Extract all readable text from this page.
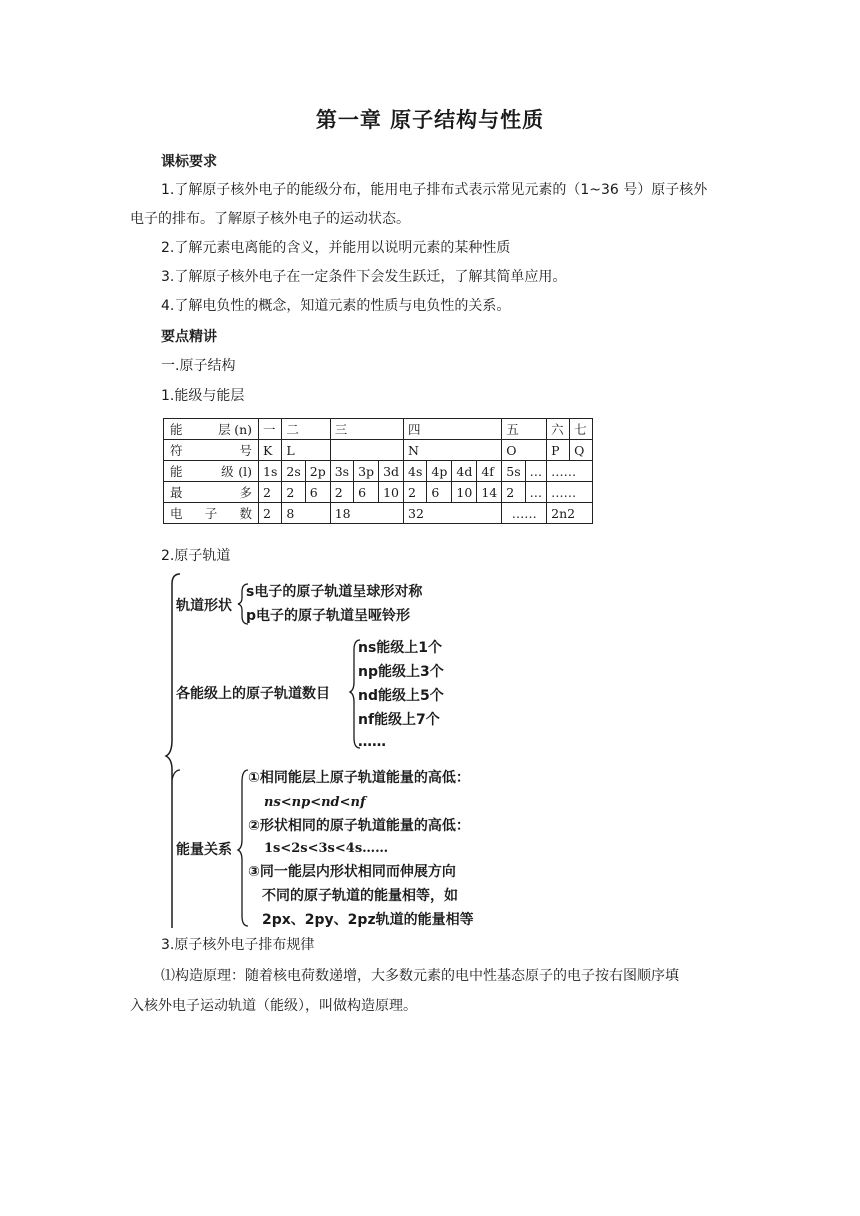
第一章 原子结构与性质
课标要求
1.了解原子核外电子的能级分布，能用电子排布式表示常见元素的（1~36 号）原子核外
电子的排布。了解原子核外电子的运动状态。
2.了解元素电离能的含义，并能用以说明元素的某种性质
3.了解原子核外电子在一定条件下会发生跃迁，了解其简单应用。
4.了解电负性的概念，知道元素的性质与电负性的关系。
要点精讲
一.原子结构
1.能级与能层
能　　层(n)	一	二		三			四				五		六	七
符　　　号	K	L					N				O		P	Q
能　　级(l)	1s	2s	2p	3s	3p	3d	4s	4p	4d	4f	5s	…	……	
最　　多	2	2	6	2	6	10	2	6	10	14	2	…	……	
电 子 数	2	8		18			32				……		2n2	
2.原子轨道
轨道形状
s电子的原子轨道呈球形对称
p电子的原子轨道呈哑铃形
各能级上的原子轨道数目
ns能级上1个
np能级上3个
nd能级上5个
nf能级上7个
……
能量关系
①相同能层上原子轨道能量的高低：
ns<np<nd<nf
②形状相同的原子轨道能量的高低：
1s<2s<3s<4s……
③同一能层内形状相同而伸展方向
不同的原子轨道的能量相等，如
2px、2py、2pz轨道的能量相等
3.原子核外电子排布规律
⑴构造原理：随着核电荷数递增，大多数元素的电中性基态原子的电子按右图顺序填
入核外电子运动轨道（能级），叫做构造原理。
